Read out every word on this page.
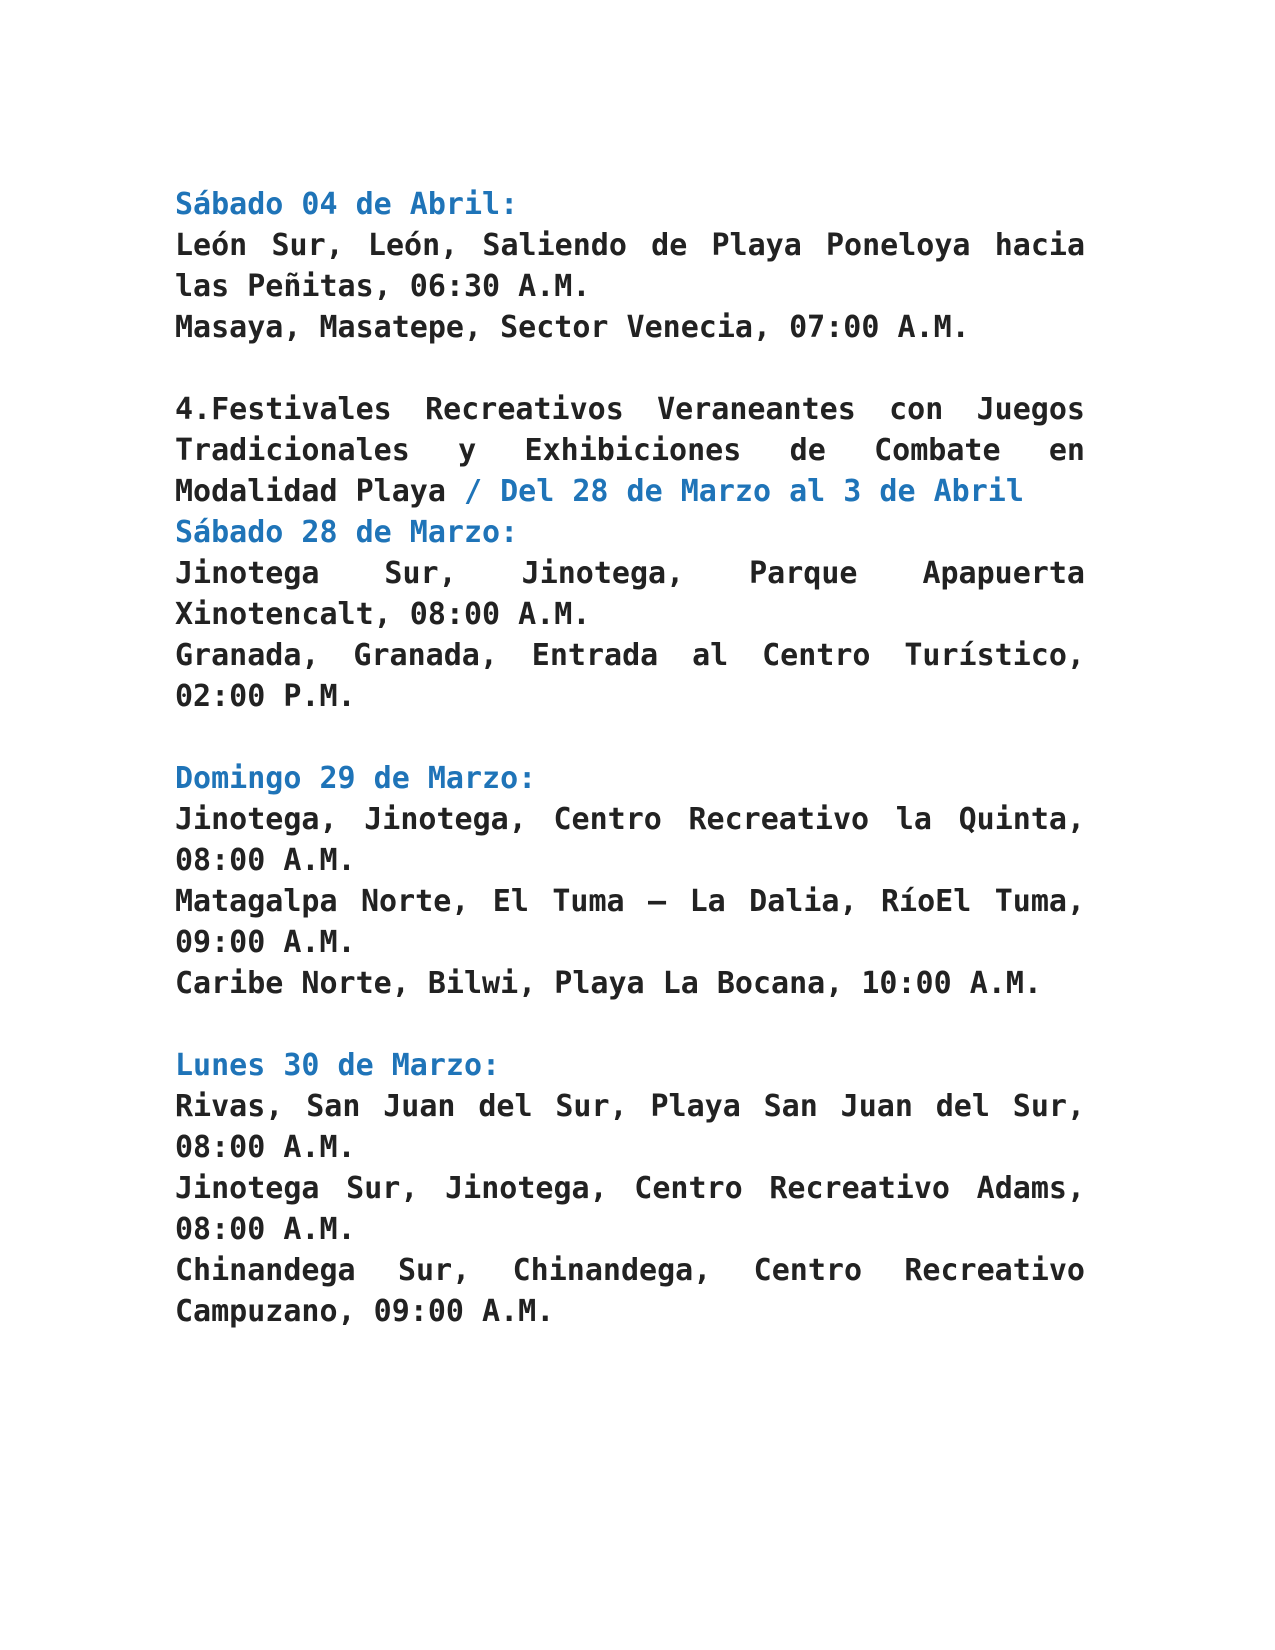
Sábado 04 de Abril:

León Sur, León, Saliendo de Playa Poneloya hacia las Peñitas, 06:30 A.M.

Masaya, Masatepe, Sector Venecia, 07:00 A.M.

4.Festivales Recreativos Veraneantes con Juegos Tradicionales y Exhibiciones de Combate en Modalidad Playa / Del 28 de Marzo al 3 de Abril

Sábado 28 de Marzo:

Jinotega Sur, Jinotega, Parque Apapuerta Xinotencalt, 08:00 A.M.

Granada, Granada, Entrada al Centro Turístico, 02:00 P.M.

Domingo 29 de Marzo:

Jinotega, Jinotega, Centro Recreativo la Quinta, 08:00 A.M.

Matagalpa Norte, El Tuma – La Dalia, RíoEl Tuma, 09:00 A.M.

Caribe Norte, Bilwi, Playa La Bocana, 10:00 A.M.

Lunes 30 de Marzo:

Rivas, San Juan del Sur, Playa San Juan del Sur, 08:00 A.M.

Jinotega Sur, Jinotega, Centro Recreativo Adams, 08:00 A.M.

Chinandega Sur, Chinandega, Centro Recreativo Campuzano, 09:00 A.M.
